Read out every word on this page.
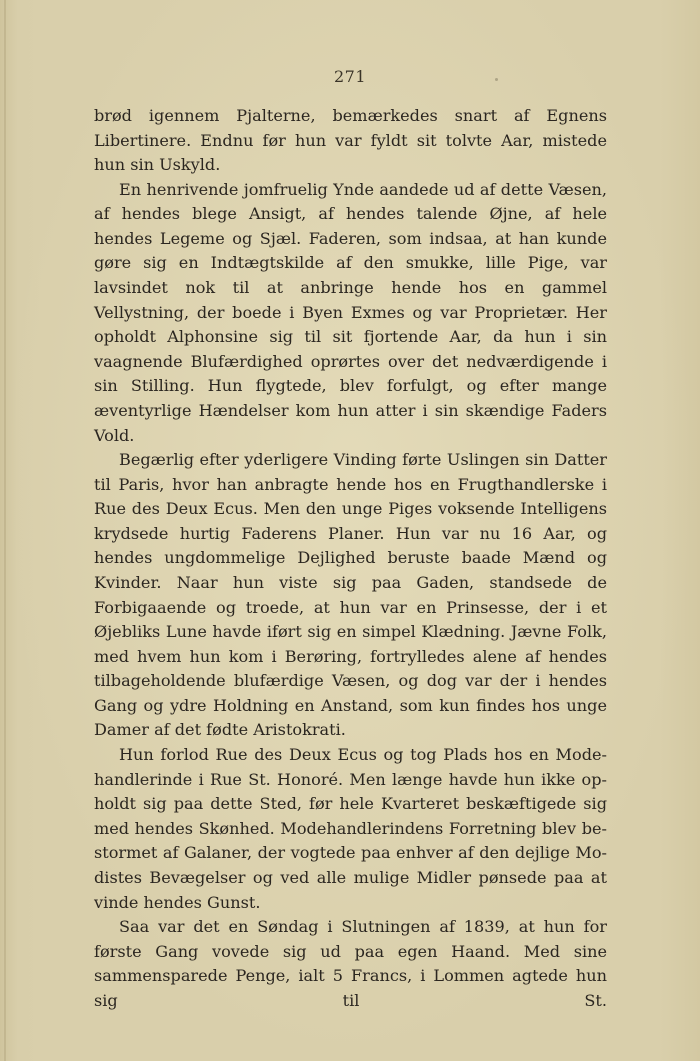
271

brød igennem Pjalterne, bemærkedes snart af Egnens Libertinere. Endnu før hun var fyldt sit tolvte Aar, mistede hun sin Uskyld.

En henrivende jomfruelig Ynde aandede ud af dette Væsen, af hendes blege Ansigt, af hendes talende Øjne, af hele hendes Legeme og Sjæl. Faderen, som indsaa, at han kunde gøre sig en Indtægtskilde af den smukke, lille Pige, var lavsindet nok til at anbringe hende hos en gammel Vellystning, der boede i Byen Exmes og var Proprietær. Her opholdt Alphonsine sig til sit fjortende Aar, da hun i sin vaagnende Blufærdighed oprørtes over det nedværdigende i sin Stilling. Hun flygtede, blev forfulgt, og efter mange æventyrlige Hændelser kom hun atter i sin skændige Faders Vold.

Begærlig efter yderligere Vinding førte Uslingen sin Datter til Paris, hvor han anbragte hende hos en Frugthandlerske i Rue des Deux Ecus. Men den unge Piges voksende Intelligens krydsede hurtig Faderens Planer. Hun var nu 16 Aar, og hendes ungdommelige Dejlighed beruste baade Mænd og Kvinder. Naar hun viste sig paa Gaden, standsede de Forbigaaende og troede, at hun var en Prinsesse, der i et Øjebliks Lune havde iført sig en simpel Klædning. Jævne Folk, med hvem hun kom i Berøring, fortrylledes alene af hendes tilbageholdende blufærdige Væsen, og dog var der i hendes Gang og ydre Holdning en Anstand, som kun findes hos unge Damer af det fødte Aristokrati.

Hun forlod Rue des Deux Ecus og tog Plads hos en Modehandlerinde i Rue St. Honoré. Men længe havde hun ikke opholdt sig paa dette Sted, før hele Kvarteret beskæftigede sig med hendes Skønhed. Modehandlerindens Forretning blev bestormet af Galaner, der vogtede paa enhver af den dejlige Modistes Bevægelser og ved alle mulige Midler pønsede paa at vinde hendes Gunst.

Saa var det en Søndag i Slutningen af 1839, at hun for første Gang vovede sig ud paa egen Haand. Med sine sammensparede Penge, ialt 5 Francs, i Lommen agtede hun sig til St.
